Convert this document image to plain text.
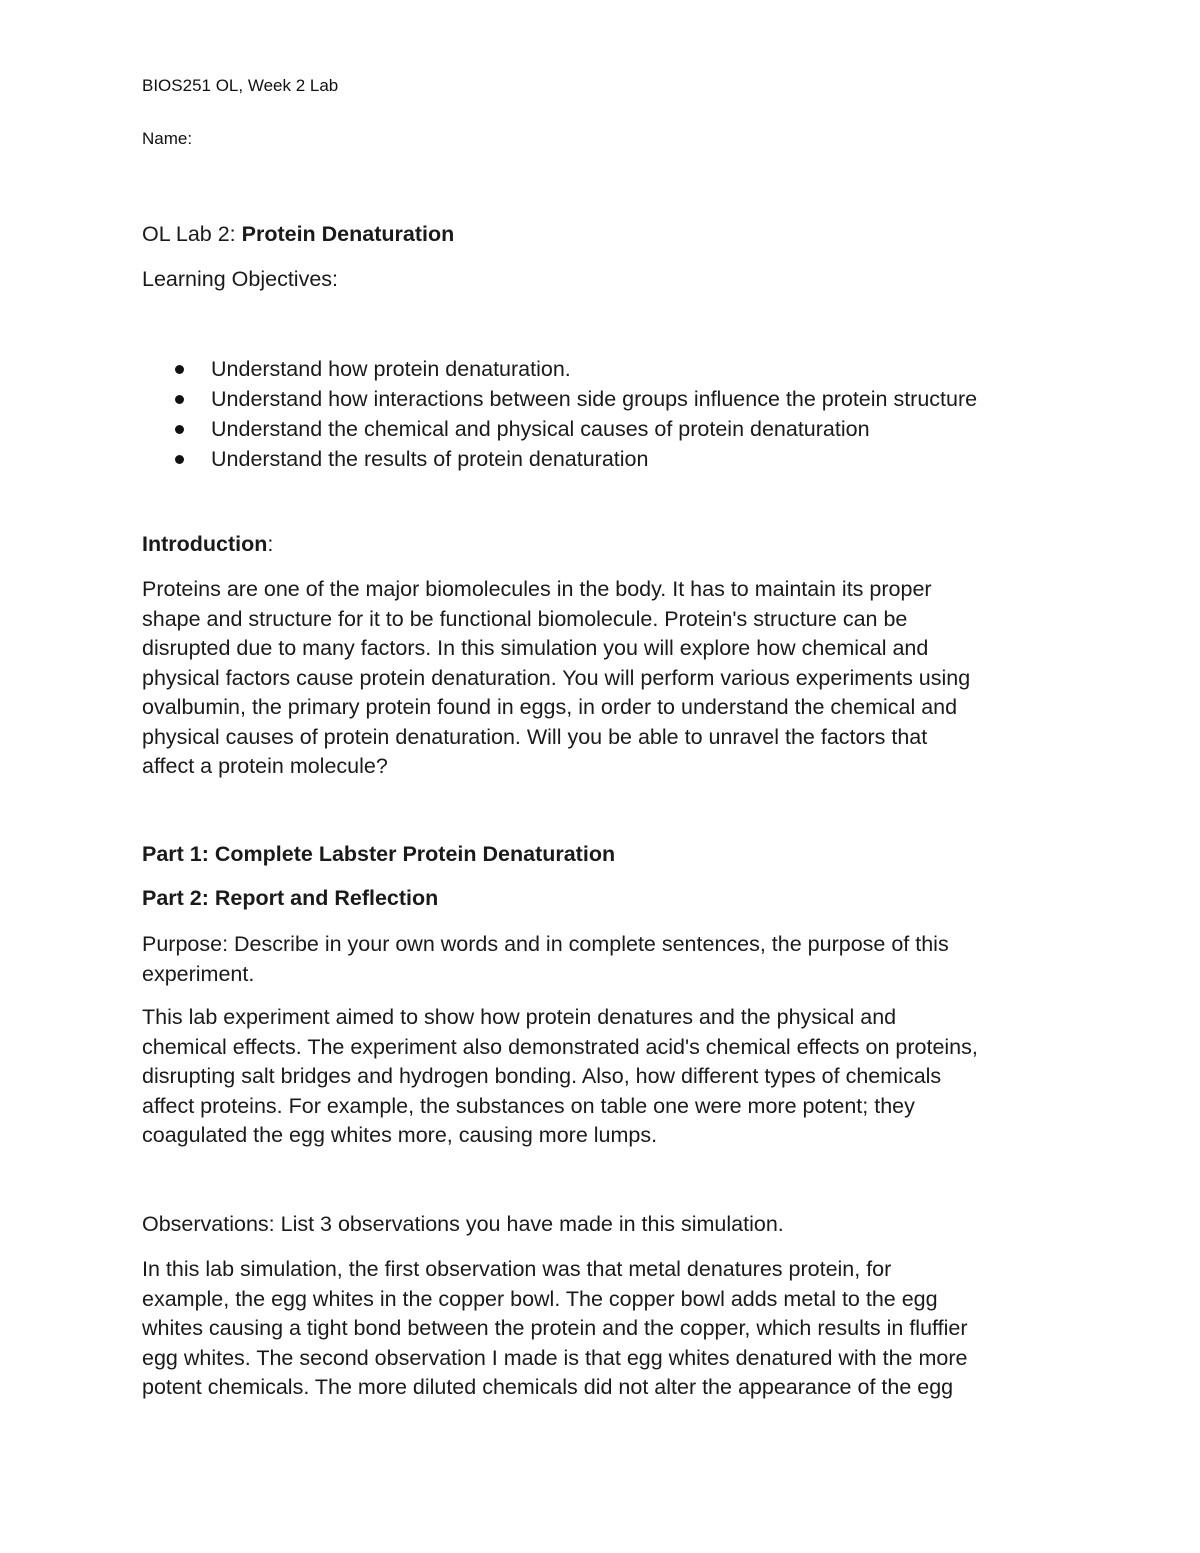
BIOS251 OL, Week 2 Lab
Name:
OL Lab 2: Protein Denaturation
Learning Objectives:
Understand how protein denaturation.
Understand how interactions between side groups influence the protein structure
Understand the chemical and physical causes of protein denaturation
Understand the results of protein denaturation
Introduction:
Proteins are one of the major biomolecules in the body. It has to maintain its proper
shape and structure for it to be functional biomolecule. Protein's structure can be
disrupted due to many factors. In this simulation you will explore how chemical and
physical factors cause protein denaturation. You will perform various experiments using
ovalbumin, the primary protein found in eggs, in order to understand the chemical and
physical causes of protein denaturation. Will you be able to unravel the factors that
affect a protein molecule?
Part 1: Complete Labster Protein Denaturation
Part 2: Report and Reflection
Purpose: Describe in your own words and in complete sentences, the purpose of this
experiment.
This lab experiment aimed to show how protein denatures and the physical and
chemical effects. The experiment also demonstrated acid's chemical effects on proteins,
disrupting salt bridges and hydrogen bonding. Also, how different types of chemicals
affect proteins. For example, the substances on table one were more potent; they
coagulated the egg whites more, causing more lumps.
Observations: List 3 observations you have made in this simulation.
In this lab simulation, the first observation was that metal denatures protein, for
example, the egg whites in the copper bowl. The copper bowl adds metal to the egg
whites causing a tight bond between the protein and the copper, which results in fluffier
egg whites. The second observation I made is that egg whites denatured with the more
potent chemicals. The more diluted chemicals did not alter the appearance of the egg
